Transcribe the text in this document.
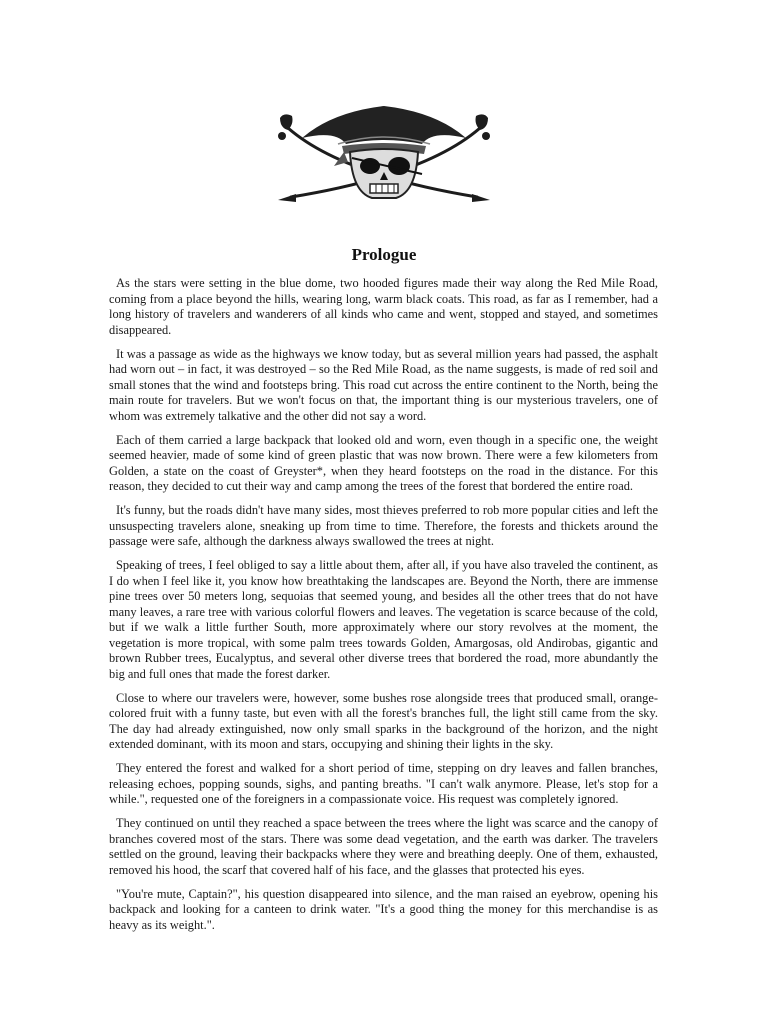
Prologue

As the stars were setting in the blue dome, two hooded figures made their way along the Red Mile Road, coming from a place beyond the hills, wearing long, warm black coats. This road, as far as I remember, had a long history of travelers and wanderers of all kinds who came and went, stopped and stayed, and sometimes disappeared.

It was a passage as wide as the highways we know today, but as several million years had passed, the asphalt had worn out – in fact, it was destroyed – so the Red Mile Road, as the name suggests, is made of red soil and small stones that the wind and footsteps bring. This road cut across the entire continent to the North, being the main route for travelers. But we won't focus on that, the important thing is our mysterious travelers, one of whom was extremely talkative and the other did not say a word.

Each of them carried a large backpack that looked old and worn, even though in a specific one, the weight seemed heavier, made of some kind of green plastic that was now brown. There were a few kilometers from Golden, a state on the coast of Greyster*, when they heard footsteps on the road in the distance. For this reason, they decided to cut their way and camp among the trees of the forest that bordered the entire road.

It's funny, but the roads didn't have many sides, most thieves preferred to rob more popular cities and left the unsuspecting travelers alone, sneaking up from time to time. Therefore, the forests and thickets around the passage were safe, although the darkness always swallowed the trees at night.

Speaking of trees, I feel obliged to say a little about them, after all, if you have also traveled the continent, as I do when I feel like it, you know how breathtaking the landscapes are. Beyond the North, there are immense pine trees over 50 meters long, sequoias that seemed young, and besides all the other trees that do not have many leaves, a rare tree with various colorful flowers and leaves. The vegetation is scarce because of the cold, but if we walk a little further South, more approximately where our story revolves at the moment, the vegetation is more tropical, with some palm trees towards Golden, Amargosas, old Andirobas, gigantic and brown Rubber trees, Eucalyptus, and several other diverse trees that bordered the road, more abundantly the big and full ones that made the forest darker.

Close to where our travelers were, however, some bushes rose alongside trees that produced small, orange-colored fruit with a funny taste, but even with all the forest's branches full, the light still came from the sky. The day had already extinguished, now only small sparks in the background of the horizon, and the night extended dominant, with its moon and stars, occupying and shining their lights in the sky.

They entered the forest and walked for a short period of time, stepping on dry leaves and fallen branches, releasing echoes, popping sounds, sighs, and panting breaths. "I can't walk anymore. Please, let's stop for a while.", requested one of the foreigners in a compassionate voice. His request was completely ignored.

They continued on until they reached a space between the trees where the light was scarce and the canopy of branches covered most of the stars. There was some dead vegetation, and the earth was darker. The travelers settled on the ground, leaving their backpacks where they were and breathing deeply. One of them, exhausted, removed his hood, the scarf that covered half of his face, and the glasses that protected his eyes.

"You're mute, Captain?", his question disappeared into silence, and the man raised an eyebrow, opening his backpack and looking for a canteen to drink water. "It's a good thing the money for this merchandise is as heavy as its weight.".
